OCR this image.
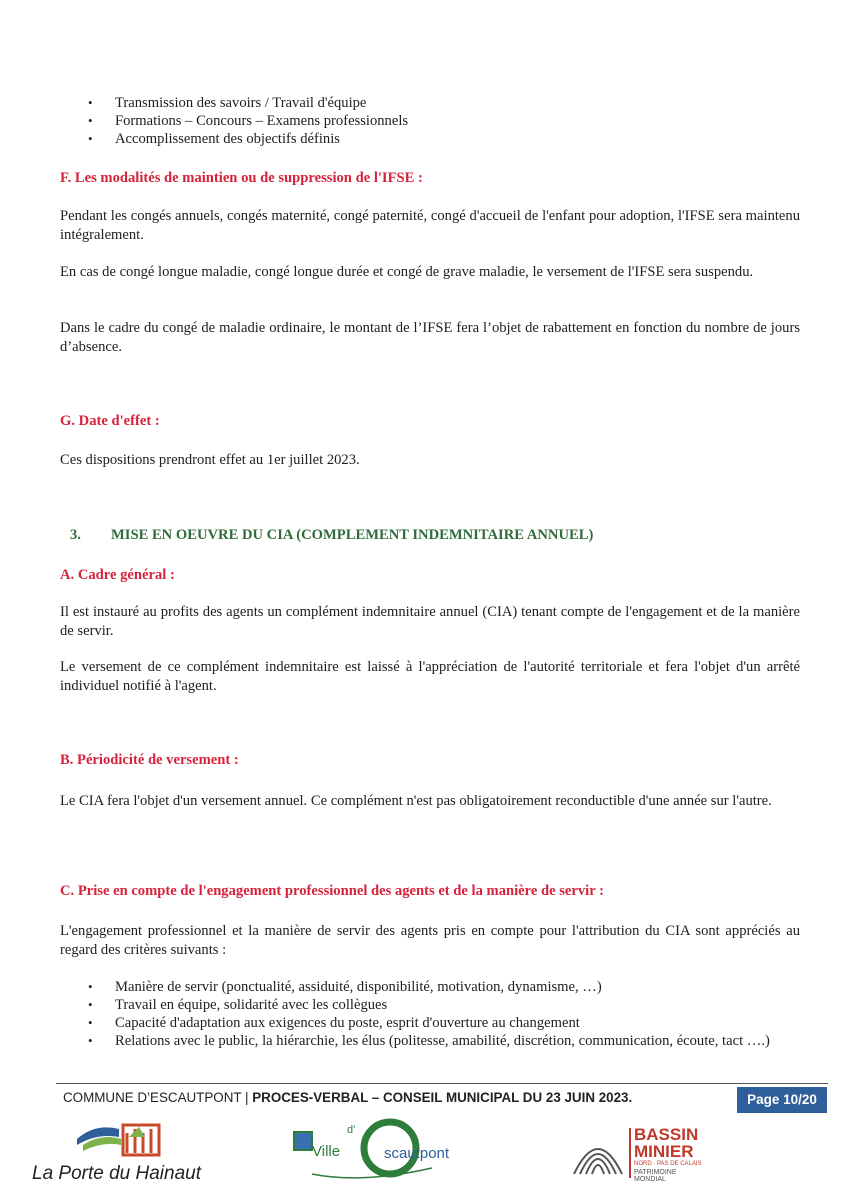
• Transmission des savoirs / Travail d'équipe
• Formations – Concours – Examens professionnels
• Accomplissement des objectifs définis
F. Les modalités de maintien ou de suppression de l'IFSE :
Pendant les congés annuels, congés maternité, congé paternité, congé d'accueil de l'enfant pour adoption, l'IFSE sera maintenu intégralement.
En cas de congé longue maladie, congé longue durée et congé de grave maladie, le versement de l'IFSE sera suspendu.
Dans le cadre du congé de maladie ordinaire, le montant de l’IFSE fera l’objet de rabattement en fonction du nombre de jours d’absence.
G. Date d'effet :
Ces dispositions prendront effet au 1er juillet 2023.
3. MISE EN OEUVRE DU CIA (COMPLEMENT INDEMNITAIRE ANNUEL)
A. Cadre général :
Il est instauré au profits des agents un complément indemnitaire annuel (CIA) tenant compte de l'engagement et de la manière de servir.
Le versement de ce complément indemnitaire est laissé à l'appréciation de l'autorité territoriale et fera l'objet d'un arrêté individuel notifié à l'agent.
B. Périodicité de versement :
Le CIA fera l'objet d'un versement annuel. Ce complément n'est pas obligatoirement reconductible d'une année sur l'autre.
C. Prise en compte de l'engagement professionnel des agents et de la manière de servir :
L'engagement professionnel et la manière de servir des agents pris en compte pour l'attribution du CIA sont appréciés au regard des critères suivants :
• Manière de servir (ponctualité, assiduité, disponibilité, motivation, dynamisme, …)
• Travail en équipe, solidarité avec les collègues
• Capacité d'adaptation aux exigences du poste, esprit d'ouverture au changement
• Relations avec le public, la hiérarchie, les élus (politesse, amabilité, discrétion, communication, écoute, tact ….)
COMMUNE D’ESCAUTPONT | PROCES-VERBAL – CONSEIL MUNICIPAL DU 23 JUIN 2023.	Page 10/20
La Porte du Hainaut
Ville
d'
scautpont
BASSIN
MINIER
NORD · PAS DE CALAIS
PATRIMOINE MONDIAL
